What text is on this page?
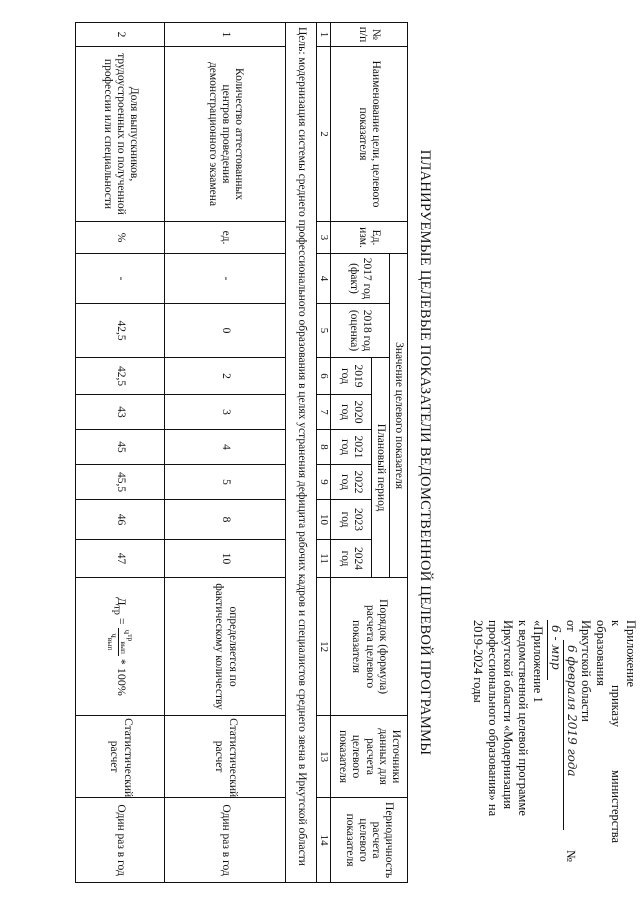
Приложение
к
приказу
министерства
образования
Иркутской области
от
6 февраля 2019 года
№
6 - мпр
«Приложение 1
к ведомственной целевой программе
Иркутской области «Модернизация
профессионального образования» на
2019-2024 годы
ПЛАНИРУЕМЫЕ ЦЕЛЕВЫЕ ПОКАЗАТЕЛИ ВЕДОМСТВЕННОЙ ЦЕЛЕВОЙ ПРОГРАММЫ
№ п/п	Наименование цели, целевого показателя	Ед. изм.	Значение целевого показателя								Порядок (формула) расчета целевого показателя	Источники данных для расчета целевого показателя	Периодичность расчета целевого показателя
			2017 год (факт)	2018 год (оценка)	Плановый период								
					2019 год	2020 год	2021 год	2022 год	2023 год	2024 год			
1	2	3	4	5	6	7	8	9	10	11	12	13	14
Цель: модернизация системы среднего профессионального образования в целях устранения дефицита рабочих кадров и специалистов среднего звена в Иркутской области													
1	Количество аттестованных центров проведения демонстрационного экзамена	ед.	-	0	2	3	4	5	8	10	определяется по фактическому количеству	Статистический расчет	Один раз в год
2	Доля выпускников, трудоустроенных по полученной профессии или специальности	%	-	42,5	42,5	43	45	45,5	46	47	$Д_{тр}$ =
$ч^{тр}_{вып}$
$ч_{вып}$
* 100%	Статистический расчет	Один раз в год
